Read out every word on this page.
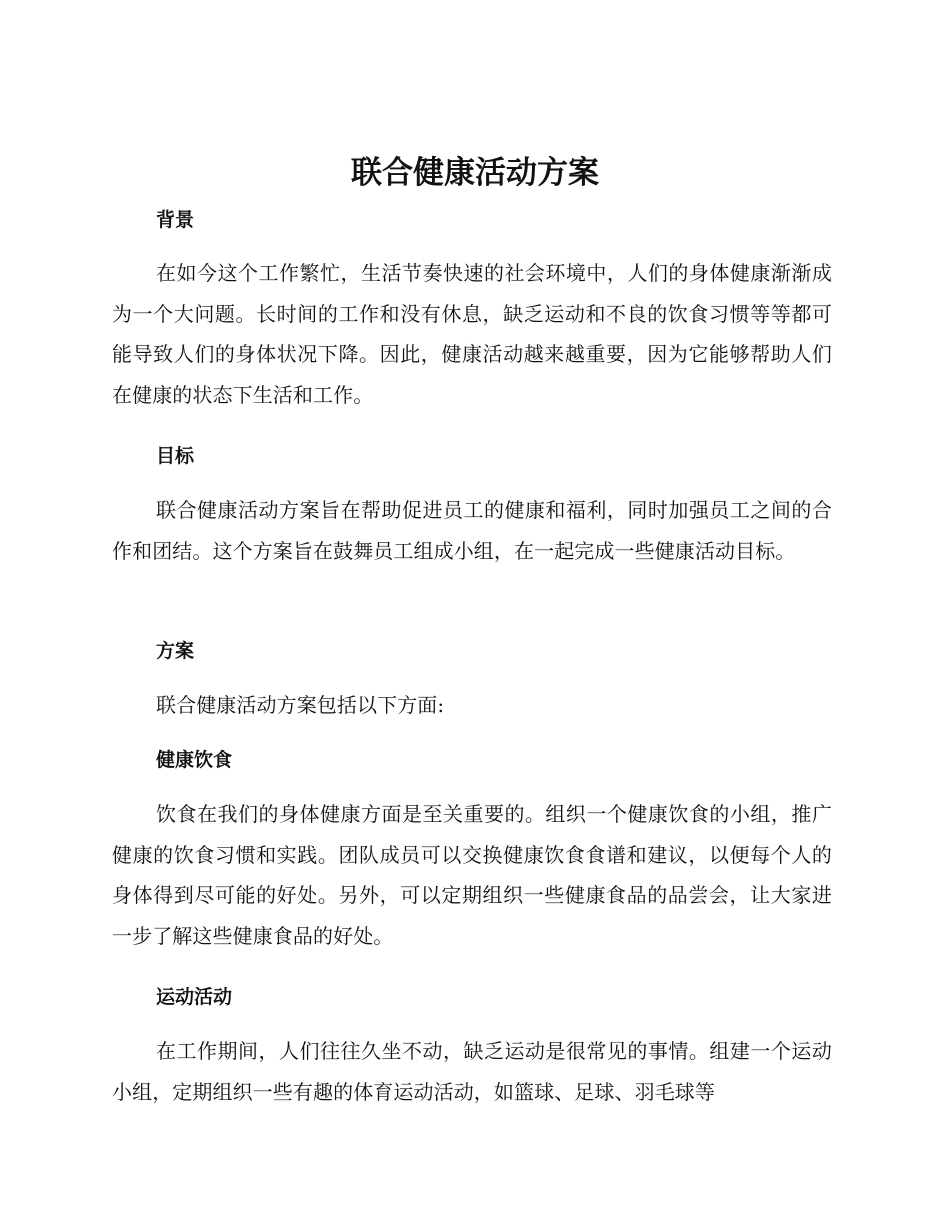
联合健康活动方案
背景

在如今这个工作繁忙，生活节奏快速的社会环境中，人们的身体健康渐渐成为一个大问题。长时间的工作和没有休息，缺乏运动和不良的饮食习惯等等都可能导致人们的身体状况下降。因此，健康活动越来越重要，因为它能够帮助人们在健康的状态下生活和工作。

目标

联合健康活动方案旨在帮助促进员工的健康和福利，同时加强员工之间的合作和团结。这个方案旨在鼓舞员工组成小组，在一起完成一些健康活动目标。

方案

联合健康活动方案包括以下方面:

健康饮食

饮食在我们的身体健康方面是至关重要的。组织一个健康饮食的小组，推广健康的饮食习惯和实践。团队成员可以交换健康饮食食谱和建议，以便每个人的身体得到尽可能的好处。另外，可以定期组织一些健康食品的品尝会，让大家进一步了解这些健康食品的好处。

运动活动

在工作期间，人们往往久坐不动，缺乏运动是很常见的事情。组建一个运动小组，定期组织一些有趣的体育运动活动，如篮球、足球、羽毛球等
